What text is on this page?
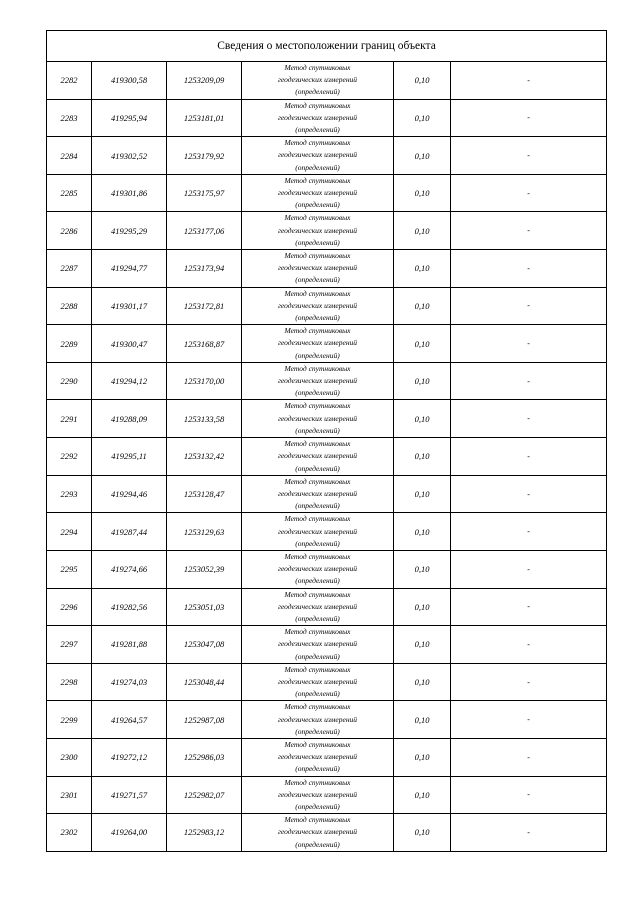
Сведения о местоположении границ объекта					
2282	419300,58	1253209,09	Метод спутниковых
геодезических измерений
(определений)	0,10	-
2283	419295,94	1253181,01	Метод спутниковых
геодезических измерений
(определений)	0,10	-
2284	419302,52	1253179,92	Метод спутниковых
геодезических измерений
(определений)	0,10	-
2285	419301,86	1253175,97	Метод спутниковых
геодезических измерений
(определений)	0,10	-
2286	419295,29	1253177,06	Метод спутниковых
геодезических измерений
(определений)	0,10	-
2287	419294,77	1253173,94	Метод спутниковых
геодезических измерений
(определений)	0,10	-
2288	419301,17	1253172,81	Метод спутниковых
геодезических измерений
(определений)	0,10	-
2289	419300,47	1253168,87	Метод спутниковых
геодезических измерений
(определений)	0,10	-
2290	419294,12	1253170,00	Метод спутниковых
геодезических измерений
(определений)	0,10	-
2291	419288,09	1253133,58	Метод спутниковых
геодезических измерений
(определений)	0,10	-
2292	419295,11	1253132,42	Метод спутниковых
геодезических измерений
(определений)	0,10	-
2293	419294,46	1253128,47	Метод спутниковых
геодезических измерений
(определений)	0,10	-
2294	419287,44	1253129,63	Метод спутниковых
геодезических измерений
(определений)	0,10	-
2295	419274,66	1253052,39	Метод спутниковых
геодезических измерений
(определений)	0,10	-
2296	419282,56	1253051,03	Метод спутниковых
геодезических измерений
(определений)	0,10	-
2297	419281,88	1253047,08	Метод спутниковых
геодезических измерений
(определений)	0,10	-
2298	419274,03	1253048,44	Метод спутниковых
геодезических измерений
(определений)	0,10	-
2299	419264,57	1252987,08	Метод спутниковых
геодезических измерений
(определений)	0,10	-
2300	419272,12	1252986,03	Метод спутниковых
геодезических измерений
(определений)	0,10	-
2301	419271,57	1252982,07	Метод спутниковых
геодезических измерений
(определений)	0,10	-
2302	419264,00	1252983,12	Метод спутниковых
геодезических измерений
(определений)	0,10	-
